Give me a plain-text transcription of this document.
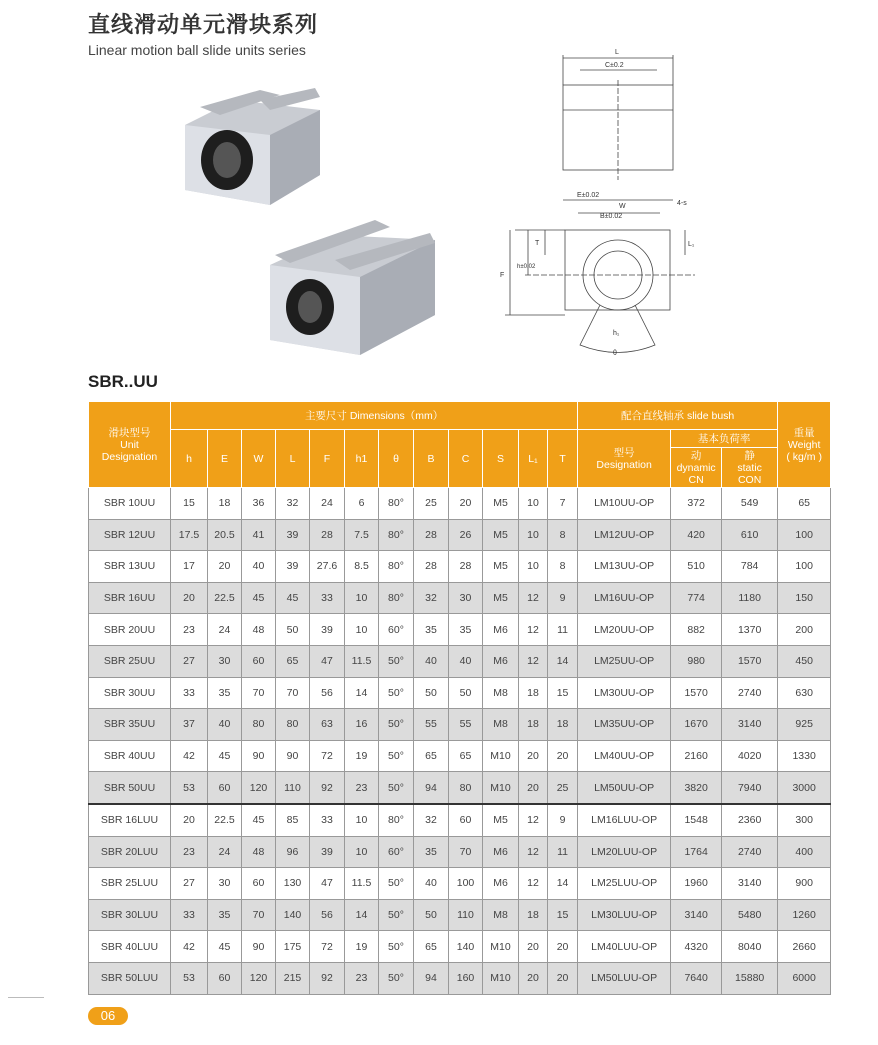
直线滑动单元滑块系列
Linear motion ball slide units series	L
C±0.2
E±0.02
W
B±0.02
4-s
T
h±0.02
F
L₁
h₁
θ
SBR..UU
滑块型号
Unit
Designation	主要尺寸 Dimensions（mm）												配合直线轴承 slide bush			重量
Weight
( kg/m )
	h	E	W	L	F	h1	θ	B	C	S	L₁	T	型号
Designation	基本负荷率		
														动
dynamic
CN	静
static
CON	
SBR 10UU	15	18	36	32	24	6	80°	25	20	M5	10	7	LM10UU-OP	372	549	65
SBR 12UU	17.5	20.5	41	39	28	7.5	80°	28	26	M5	10	8	LM12UU-OP	420	610	100
SBR 13UU	17	20	40	39	27.6	8.5	80°	28	28	M5	10	8	LM13UU-OP	510	784	100
SBR 16UU	20	22.5	45	45	33	10	80°	32	30	M5	12	9	LM16UU-OP	774	1180	150
SBR 20UU	23	24	48	50	39	10	60°	35	35	M6	12	11	LM20UU-OP	882	1370	200
SBR 25UU	27	30	60	65	47	11.5	50°	40	40	M6	12	14	LM25UU-OP	980	1570	450
SBR 30UU	33	35	70	70	56	14	50°	50	50	M8	18	15	LM30UU-OP	1570	2740	630
SBR 35UU	37	40	80	80	63	16	50°	55	55	M8	18	18	LM35UU-OP	1670	3140	925
SBR 40UU	42	45	90	90	72	19	50°	65	65	M10	20	20	LM40UU-OP	2160	4020	1330
SBR 50UU	53	60	120	110	92	23	50°	94	80	M10	20	25	LM50UU-OP	3820	7940	3000
SBR 16LUU	20	22.5	45	85	33	10	80°	32	60	M5	12	9	LM16LUU-OP	1548	2360	300
SBR 20LUU	23	24	48	96	39	10	60°	35	70	M6	12	11	LM20LUU-OP	1764	2740	400
SBR 25LUU	27	30	60	130	47	11.5	50°	40	100	M6	12	14	LM25LUU-OP	1960	3140	900
SBR 30LUU	33	35	70	140	56	14	50°	50	110	M8	18	15	LM30LUU-OP	3140	5480	1260
SBR 40LUU	42	45	90	175	72	19	50°	65	140	M10	20	20	LM40LUU-OP	4320	8040	2660
SBR 50LUU	53	60	120	215	92	23	50°	94	160	M10	20	20	LM50LUU-OP	7640	15880	6000
06
